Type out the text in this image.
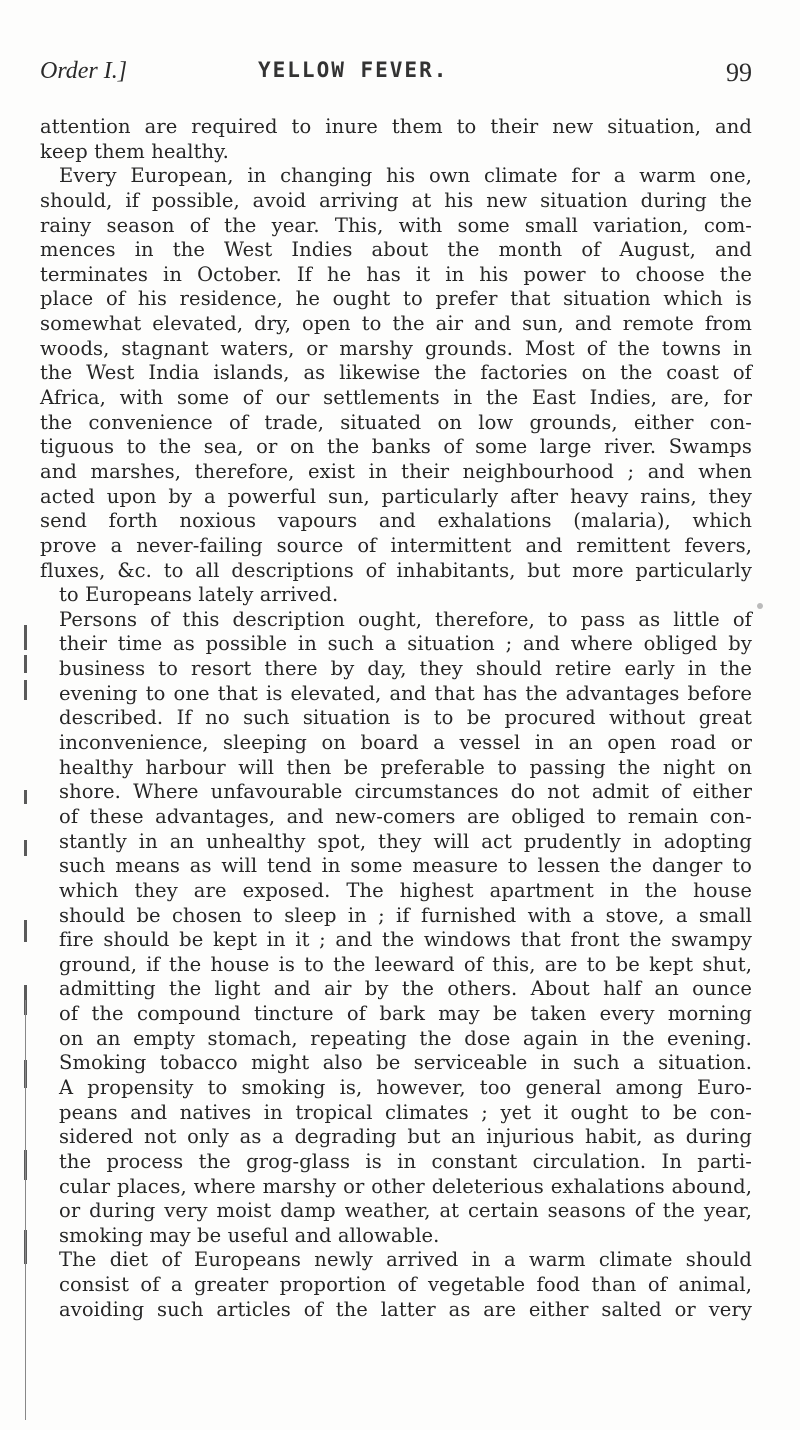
Order I.]	YELLOW FEVER.	99
attention are required to inure them to their new situation, and
keep them healthy.
Every European, in changing his own climate for a warm one,
should, if possible, avoid arriving at his new situation during the
rainy season of the year. This, with some small variation, com-
mences in the West Indies about the month of August, and
terminates in October. If he has it in his power to choose the
place of his residence, he ought to prefer that situation which is
somewhat elevated, dry, open to the air and sun, and remote from
woods, stagnant waters, or marshy grounds. Most of the towns in
the West India islands, as likewise the factories on the coast of
Africa, with some of our settlements in the East Indies, are, for
the convenience of trade, situated on low grounds, either con-
tiguous to the sea, or on the banks of some large river. Swamps
and marshes, therefore, exist in their neighbourhood ; and when
acted upon by a powerful sun, particularly after heavy rains, they
send forth noxious vapours and exhalations (malaria), which
prove a never-failing source of intermittent and remittent fevers,
fluxes, &c. to all descriptions of inhabitants, but more particularly
to Europeans lately arrived.
Persons of this description ought, therefore, to pass as little of
their time as possible in such a situation ; and where obliged by
business to resort there by day, they should retire early in the
evening to one that is elevated, and that has the advantages before
described. If no such situation is to be procured without great
inconvenience, sleeping on board a vessel in an open road or
healthy harbour will then be preferable to passing the night on
shore. Where unfavourable circumstances do not admit of either
of these advantages, and new-comers are obliged to remain con-
stantly in an unhealthy spot, they will act prudently in adopting
such means as will tend in some measure to lessen the danger to
which they are exposed. The highest apartment in the house
should be chosen to sleep in ; if furnished with a stove, a small
fire should be kept in it ; and the windows that front the swampy
ground, if the house is to the leeward of this, are to be kept shut,
admitting the light and air by the others. About half an ounce
of the compound tincture of bark may be taken every morning
on an empty stomach, repeating the dose again in the evening.
Smoking tobacco might also be serviceable in such a situation.
A propensity to smoking is, however, too general among Euro-
peans and natives in tropical climates ; yet it ought to be con-
sidered not only as a degrading but an injurious habit, as during
the process the grog-glass is in constant circulation. In parti-
cular places, where marshy or other deleterious exhalations abound,
or during very moist damp weather, at certain seasons of the year,
smoking may be useful and allowable.
The diet of Europeans newly arrived in a warm climate should
consist of a greater proportion of vegetable food than of animal,
avoiding such articles of the latter as are either salted or very
